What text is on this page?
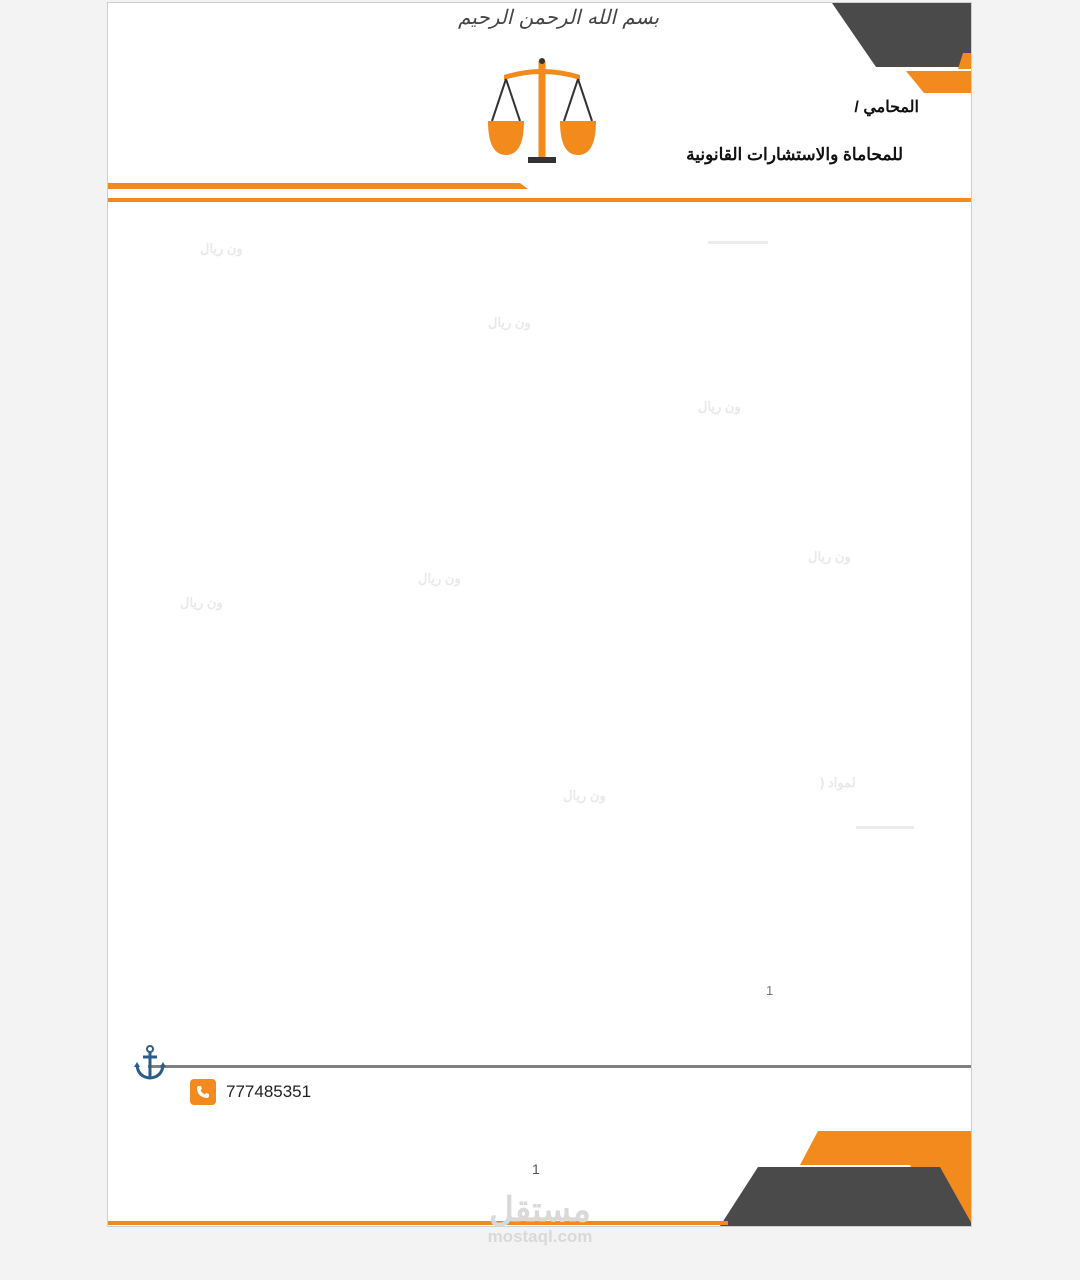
بسم الله الرحمن الرحيم
المحامي /
للمحاماة والاستشارات القانونية
ون ريال
ون ريال
ون ريال
ون ريال
ون ريال
ون ريال
ون ريال
لمواد (
1
777485351
1
مستقل
mostaql.com
